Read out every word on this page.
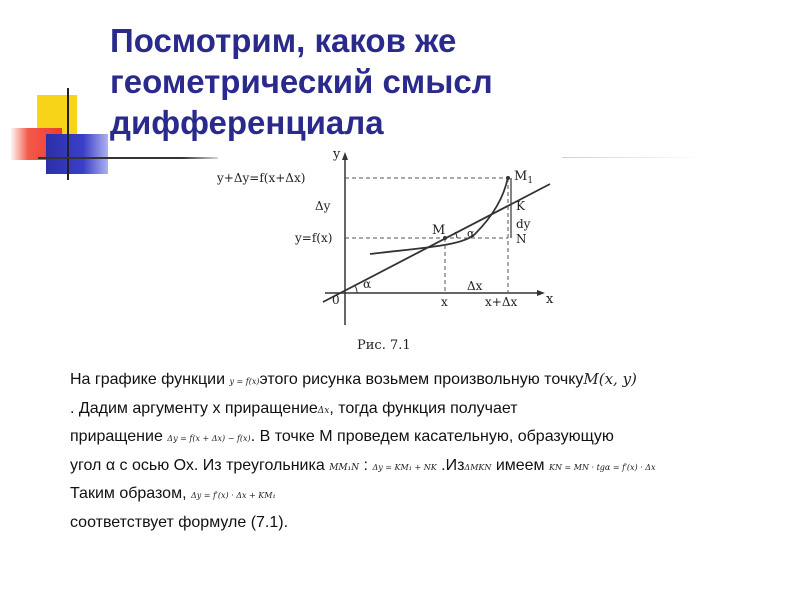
Посмотрим, каков же геометрический смысл дифференциала
y
x
0
y+Δy=f(x+Δx)
Δy
y=f(x)	M
$M_1$
K
dy
N
α
α
x	x+Δx
Δx
Рис. 7.1
На графике функции y = f(x)этого рисунка возьмем произвольную точкуM(x, y)
. Дадим аргументу х приращениеΔx, тогда функция получает
приращение Δy = f(x + Δx) − f(x). В точке М проведем касательную, образующую
угол α с осью Ох. Из треугольника MM₁N : Δy = KM₁ + NK .ИзΔMKN имеем KN = MN · tgα = f′(x) · Δx
Таким образом, Δy = f′(x) · Δx + KM₁
соответствует формуле (7.1).
